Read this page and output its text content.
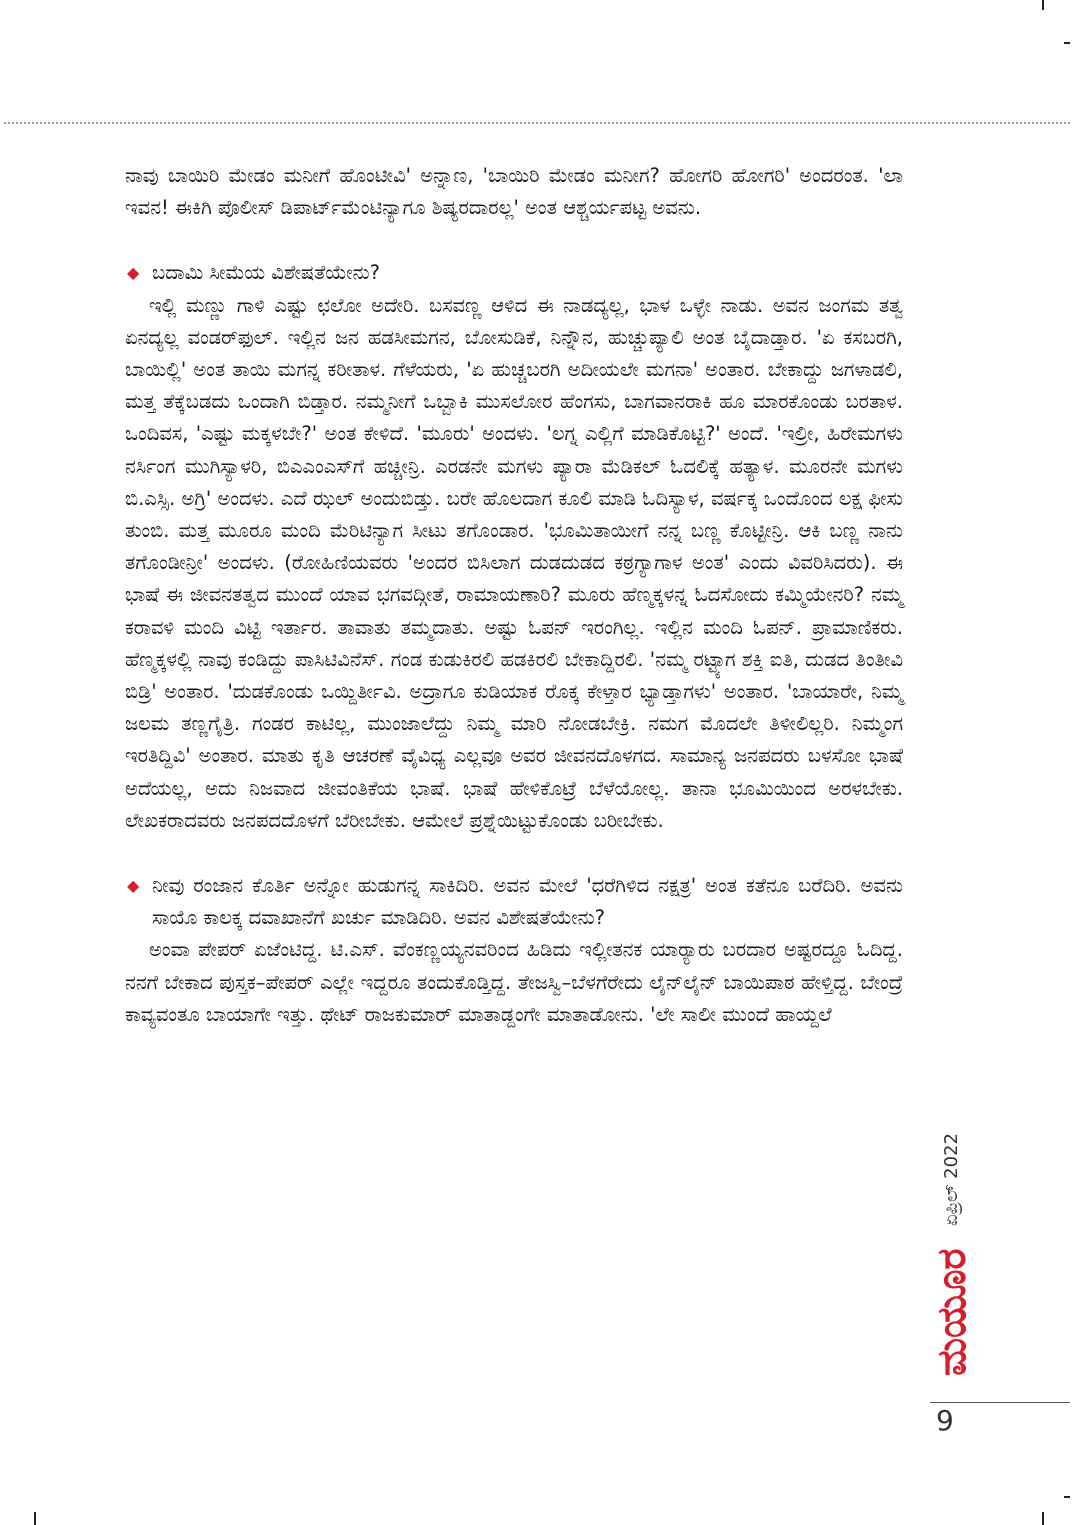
ನಾವು ಬಾಯಿರಿ ಮೇಡಂ ಮನೀಗೆ ಹೊಂಟೀವಿ' ಅನ್ನಾಣ, 'ಬಾಯಿರಿ ಮೇಡಂ ಮನೀಗ? ಹೋಗರಿ ಹೋಗರಿ' ಅಂದರಂತ. 'ಲಾ ಇವನ! ಈಕಿಗಿ ಪೊಲೀಸ್ ಡಿಪಾರ್ಟ್‌ಮೆಂಟಿನ್ಯಾಗೂ ಶಿಷ್ಯರದಾರಲ್ಲ' ಅಂತ ಆಶ್ಚರ್ಯಪಟ್ಟ ಅವನು.

◆ ಬದಾಮಿ ಸೀಮೆಯ ವಿಶೇಷತೆಯೇನು?

ಇಲ್ಲಿ ಮಣ್ಣು ಗಾಳಿ ಎಷ್ಟು ಛಲೋ ಅದೇರಿ. ಬಸವಣ್ಣ ಆಳಿದ ಈ ನಾಡದ್ಯಲ್ಲ, ಭಾಳ ಒಳ್ಳೇ ನಾಡು. ಅವನ ಜಂಗಮ ತತ್ವ ಏನದ್ಯಲ್ಲ ವಂಡರ್‌ಫುಲ್. ಇಲ್ಲಿನ ಜನ ಹಡಸೀಮಗನ, ಬೋಸುಡಿಕೆ, ನಿನ್ನೌನ, ಹುಚ್ಚುಪ್ಯಾಲಿ ಅಂತ ಬೈದಾಡ್ತಾರ. 'ಏ ಕಸಬರಗಿ, ಬಾಯಿಲ್ಲಿ' ಅಂತ ತಾಯಿ ಮಗನ್ನ ಕರೀತಾಳ. ಗೆಳೆಯರು, 'ಏ ಹುಚ್ಚಬರಗಿ ಅದೀಯಲೇ ಮಗನಾ' ಅಂತಾರ. ಬೇಕಾದ್ದು ಜಗಳಾಡಲಿ, ಮತ್ತ ತೆಕ್ಕೆಬಡದು ಒಂದಾಗಿ ಬಿಡ್ತಾರ. ನಮ್ಮನೀಗೆ ಒಬ್ಬಾಕಿ ಮುಸಲೋರ ಹೆಂಗಸು, ಬಾಗವಾನರಾಕಿ ಹೂ ಮಾರಕೊಂಡು ಬರತಾಳ. ಒಂದಿವಸ, 'ಎಷ್ಟು ಮಕ್ಕಳಬೇ?' ಅಂತ ಕೇಳಿದೆ. 'ಮೂರು' ಅಂದಳು. 'ಲಗ್ನ ಎಲ್ಲಿಗೆ ಮಾಡಿಕೊಟ್ಟಿ?' ಅಂದೆ. 'ಇಲ್ರೀ, ಹಿರೇಮಗಳು ನರ್ಸಿಂಗ ಮುಗಿಸ್ಯಾಳರಿ, ಬಿಎಎಂಎಸ್‌ಗೆ ಹಚ್ಚೀನ್ರಿ. ಎರಡನೇ ಮಗಳು ಪ್ಯಾರಾ ಮೆಡಿಕಲ್ ಓದಲಿಕ್ಕೆ ಹತ್ಯಾಳ. ಮೂರನೇ ಮಗಳು ಬಿ.ಎಸ್ಸಿ. ಅಗ್ರಿ' ಅಂದಳು. ಎದೆ ಝಲ್ ಅಂದುಬಿಡ್ತು. ಬರೇ ಹೊಲದಾಗ ಕೂಲಿ ಮಾಡಿ ಓದಿಸ್ಯಾಳ, ವರ್ಷಕ್ಕ ಒಂದೊಂದ ಲಕ್ಷ ಫೀಸು ತುಂಬಿ. ಮತ್ತ ಮೂರೂ ಮಂದಿ ಮೆರಿಟಿನ್ಯಾಗ ಸೀಟು ತಗೊಂಡಾರ. 'ಭೂಮಿತಾಯೀಗೆ ನನ್ನ ಬಣ್ಣ ಕೊಟ್ಟೀನ್ರಿ. ಆಕಿ ಬಣ್ಣ ನಾನು ತಗೊಂಡೀನ್ರೀ' ಅಂದಳು. (ರೋಹಿಣಿಯವರು 'ಅಂದರ ಬಿಸಿಲಾಗ ದುಡದುಡದ ಕಠ್ರಗ್ಯಾಗಾಳ ಅಂತ' ಎಂದು ವಿವರಿಸಿದರು). ಈ ಭಾಷೆ ಈ ಜೀವನತತ್ವದ ಮುಂದೆ ಯಾವ ಭಗವದ್ಗೀತೆ, ರಾಮಾಯಣಾರಿ? ಮೂರು ಹೆಣ್ಮಕ್ಕಳನ್ನ ಓದಸೋದು ಕಮ್ಮಿಯೇನರಿ? ನಮ್ಮ ಕರಾವಳಿ ಮಂದಿ ವಿಟ್ಟಿ ಇರ್ತಾರ. ತಾವಾತು ತಮ್ಮದಾತು. ಅಷ್ಟು ಓಪನ್ ಇರಂಗಿಲ್ಲ. ಇಲ್ಲಿನ ಮಂದಿ ಓಪನ್. ಪ್ರಾಮಾಣಿಕರು. ಹೆಣ್ಮಕ್ಕಳಲ್ಲಿ ನಾವು ಕಂಡಿದ್ದು ಪಾಸಿಟಿವಿನೆಸ್. ಗಂಡ ಕುಡುಕಿರಲಿ ಹಡಕಿರಲಿ ಬೇಕಾದ್ದಿರಲಿ. 'ನಮ್ಮ ರಟ್ಟ್ಯಾಗ ಶಕ್ತಿ ಐತಿ, ದುಡದ ತಿಂತೀವಿ ಬಿಡ್ರಿ' ಅಂತಾರ. 'ದುಡಕೊಂಡು ಒಯ್ದಿರ್ತೀವಿ. ಅದ್ರಾಗೂ ಕುಡಿಯಾಕ ರೊಕ್ಕ ಕೇಳ್ತಾರ ಭ್ಯಾಡ್ತಾಗಳು' ಅಂತಾರ. 'ಬಾಯಾರೇ, ನಿಮ್ಮ ಜಲಮ ತಣ್ಣಗೈತ್ರಿ. ಗಂಡರ ಕಾಟಿಲ್ಲ, ಮುಂಜಾಲೆದ್ದು ನಿಮ್ಮ ಮಾರಿ ನೋಡಬೇಕ್ರಿ. ನಮಗ ಮೊದಲೇ ತಿಳೀಲಿಲ್ಲರಿ. ನಿಮ್ಮಂಗ ಇರತಿದ್ದಿವಿ' ಅಂತಾರ. ಮಾತು ಕೃತಿ ಆಚರಣೆ ವೈವಿಧ್ಯ ಎಲ್ಲವೂ ಅವರ ಜೀವನದೊಳಗದ. ಸಾಮಾನ್ಯ ಜನಪದರು ಬಳಸೋ ಭಾಷೆ ಅದೆಯಲ್ಲ, ಅದು ನಿಜವಾದ ಜೀವಂತಿಕೆಯ ಭಾಷೆ. ಭಾಷೆ ಹೇಳಿಕೊಟ್ರೆ ಬೆಳೆಯೋಲ್ಲ. ತಾನಾ ಭೂಮಿಯಿಂದ ಅರಳಬೇಕು. ಲೇಖಕರಾದವರು ಜನಪದದೊಳಗೆ ಬೆರೀಬೇಕು. ಆಮೇಲೆ ಪ್ರಶ್ನೆಯಿಟ್ಟುಕೊಂಡು ಬರೀಬೇಕು.

◆ ನೀವು ರಂಜಾನ ಕೊರ್ತಿ ಅನ್ನೋ ಹುಡುಗನ್ನ ಸಾಕಿದಿರಿ. ಅವನ ಮೇಲೆ 'ಧರೆಗಿಳಿದ ನಕ್ಷತ್ರ' ಅಂತ ಕತೆನೂ ಬರೆದಿರಿ. ಅವನು ಸಾಯೊ ಕಾಲಕ್ಕ ದವಾಖಾನೆಗೆ ಖರ್ಚು ಮಾಡಿದಿರಿ. ಅವನ ವಿಶೇಷತೆಯೇನು?

ಅಂವಾ ಪೇಪರ್ ಏಜೆಂಟಿದ್ದ. ಟಿ.ಎಸ್. ವೆಂಕಣ್ಣಯ್ಯನವರಿಂದ ಹಿಡಿದು ಇಲ್ಲೀತನಕ ಯಾರ್‍ಯಾರು ಬರದಾರ ಅಷ್ಟರದ್ದೂ ಓದಿದ್ದ. ನನಗೆ ಬೇಕಾದ ಪುಸ್ತಕ–ಪೇಪರ್ ಎಲ್ಲೇ ಇದ್ದರೂ ತಂದುಕೊಡ್ತಿದ್ದ. ತೇಜಸ್ವಿ–ಬೆಳಗೆರೇದು ಲೈನ್‌ಲೈನ್ ಬಾಯಿಪಾಠ ಹೇಳ್ತಿದ್ದ. ಬೇಂದ್ರೆ ಕಾವ್ಯವಂತೂ ಬಾಯಾಗೇ ಇತ್ತು. ಥೇಟ್ ರಾಜಕುಮಾರ್ ಮಾತಾಡ್ದಂಗೇ ಮಾತಾಡೋನು. 'ಲೇ ಸಾಲೀ ಮುಂದೆ ಹಾಯ್ದಲೆ

ಏಪ್ರಿಲ್ 2022
ಮಯೂರ
9
